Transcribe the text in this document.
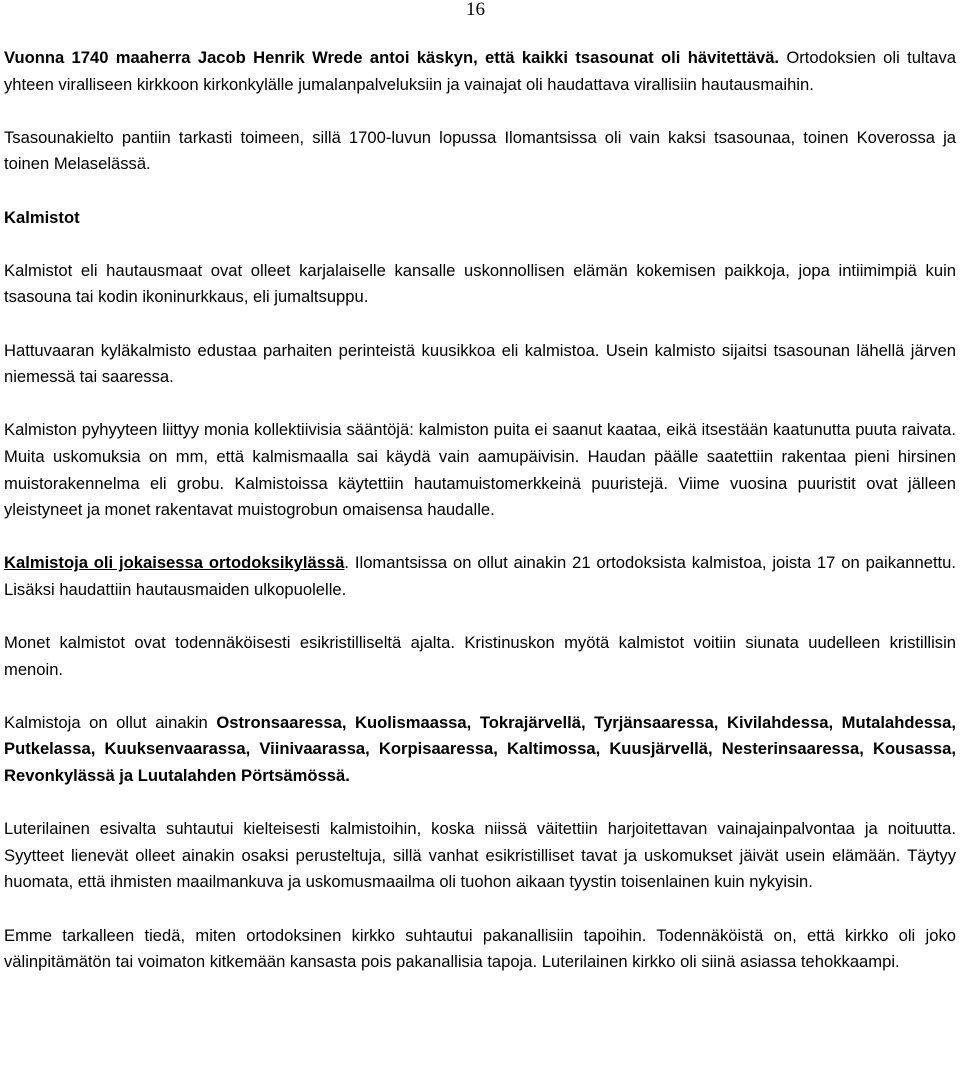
16

Vuonna 1740 maaherra Jacob Henrik Wrede antoi käskyn, että kaikki tsasounat oli hävitettävä. Ortodoksien oli tultava yhteen viralliseen kirkkoon kirkonkylälle jumalanpalveluksiin ja vainajat oli haudattava virallisiin hautausmaihin.

Tsasounakielto pantiin tarkasti toimeen, sillä 1700-luvun lopussa Ilomantsissa oli vain kaksi tsasounaa, toinen Koverossa ja toinen Melaselässä.

Kalmistot

Kalmistot eli hautausmaat ovat olleet karjalaiselle kansalle uskonnollisen elämän kokemisen paikkoja, jopa intiimimpiä kuin tsasouna tai kodin ikoninurkkaus, eli jumaltsuppu.

Hattuvaaran kyläkalmisto edustaa parhaiten perinteistä kuusikkoa eli kalmistoa. Usein kalmisto sijaitsi tsasounan lähellä järven niemessä tai saaressa.

Kalmiston pyhyyteen liittyy monia kollektiivisia sääntöjä: kalmiston puita ei saanut kaataa, eikä itsestään kaatunutta puuta raivata. Muita uskomuksia on mm, että kalmismaalla sai käydä vain aamupäivisin. Haudan päälle saatettiin rakentaa pieni hirsinen muistorakennelma eli grobu. Kalmistoissa käytettiin hautamuistomerkkeinä puuristejä. Viime vuosina puuristit ovat jälleen yleistyneet ja monet rakentavat muistogrobun omaisensa haudalle.

Kalmistoja oli jokaisessa ortodoksikylässä. Ilomantsissa on ollut ainakin 21 ortodoksista kalmistoa, joista 17 on paikannettu. Lisäksi haudattiin hautausmaiden ulkopuolelle.

Monet kalmistot ovat todennäköisesti esikristilliseltä ajalta. Kristinuskon myötä kalmistot voitiin siunata uudelleen kristillisin menoin.

Kalmistoja on ollut ainakin Ostronsaaressa, Kuolismaassa, Tokrajärvellä, Tyrjänsaaressa, Kivilahdessa, Mutalahdessa, Putkelassa, Kuuksenvaarassa, Viinivaarassa, Korpisaaressa, Kaltimossa, Kuusjärvellä, Nesterinsaaressa, Kousassa, Revonkylässä ja Luutalahden Pörtsämössä.

Luterilainen esivalta suhtautui kielteisesti kalmistoihin, koska niissä väitettiin harjoitettavan vainajainpalvontaa ja noituutta. Syytteet lienevät olleet ainakin osaksi perusteltuja, sillä vanhat esikristilliset tavat ja uskomukset jäivät usein elämään. Täytyy huomata, että ihmisten maailmankuva ja uskomusmaailma oli tuohon aikaan tyystin toisenlainen kuin nykyisin.

Emme tarkalleen tiedä, miten ortodoksinen kirkko suhtautui pakanallisiin tapoihin. Todennäköistä on, että kirkko oli joko välinpitämätön tai voimaton kitkemään kansasta pois pakanallisia tapoja. Luterilainen kirkko oli siinä asiassa tehokkaampi.
